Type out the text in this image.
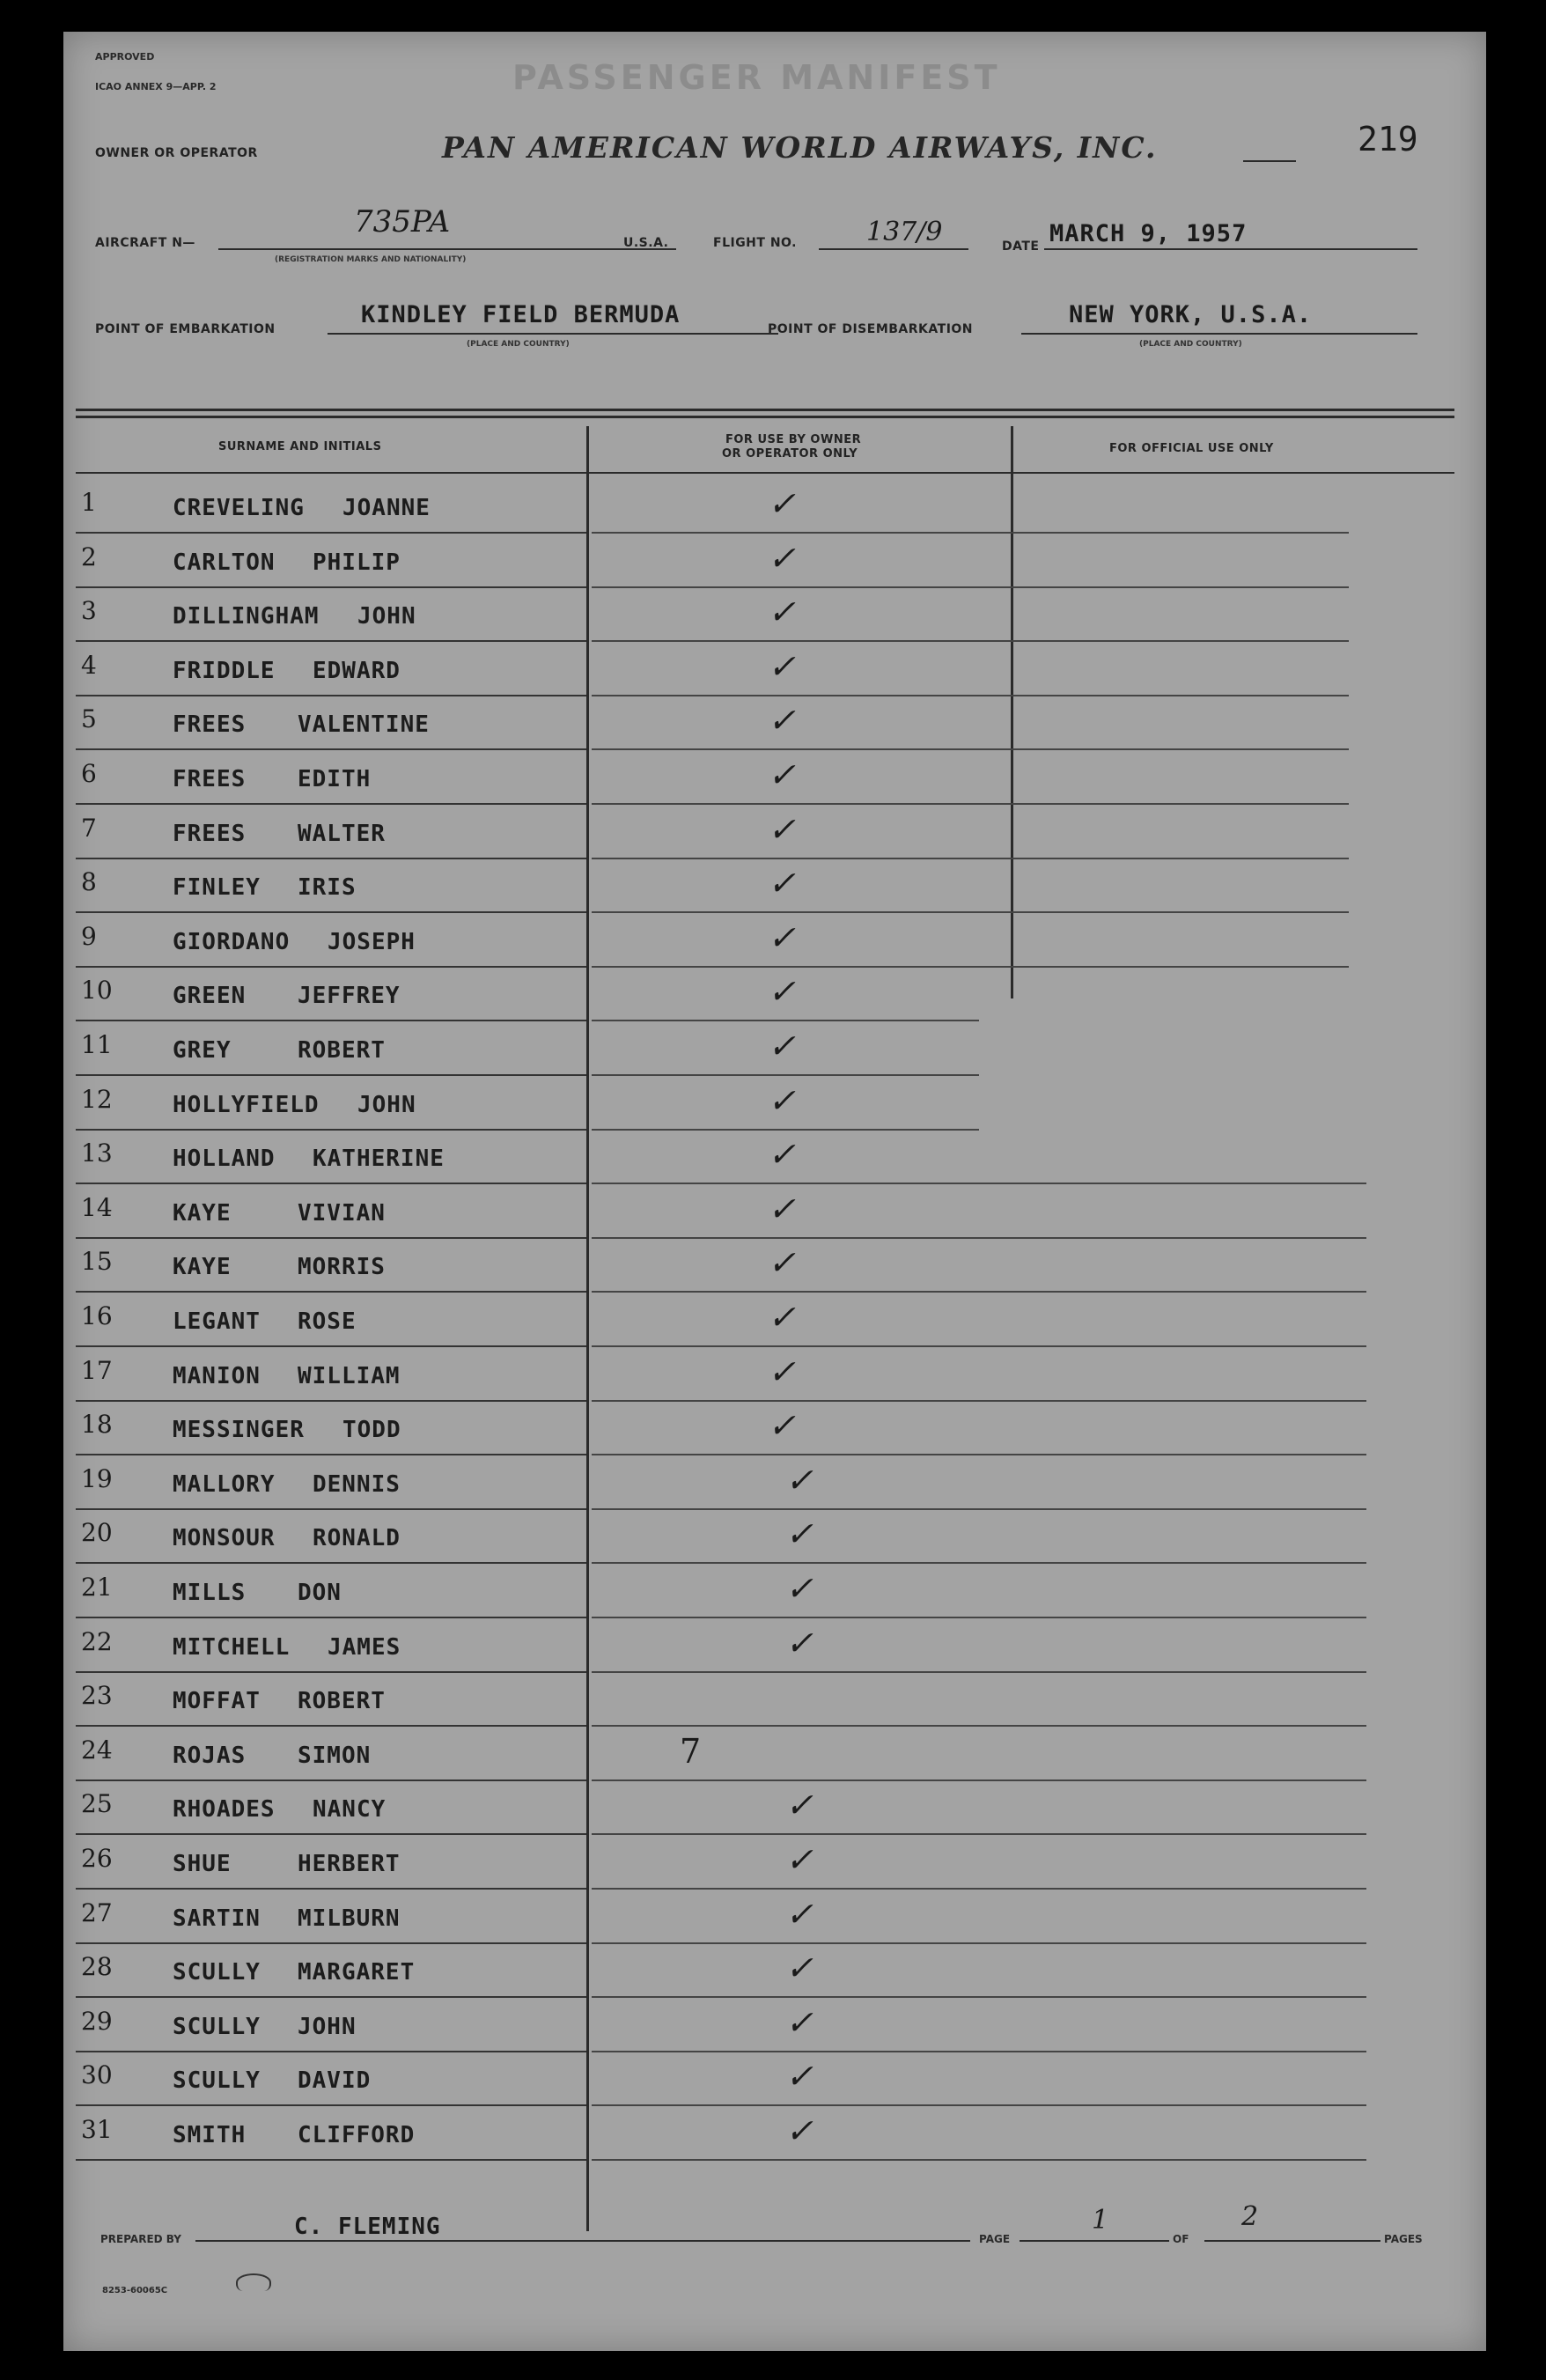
APPROVED
ICAO ANNEX 9—APP. 2	PASSENGER MANIFEST
219
OWNER OR OPERATOR	PAN AMERICAN WORLD AIRWAYS, INC.
AIRCRAFT N—
735PA
(REGISTRATION MARKS AND NATIONALITY)
U.S.A.	FLIGHT NO.	137/9	DATE MARCH 9, 1957
POINT OF EMBARKATION
KINDLEY FIELD BERMUDA
(PLACE AND COUNTRY)
POINT OF DISEMBARKATION
NEW YORK, U.S.A.
(PLACE AND COUNTRY)
SURNAME AND INITIALS
FOR USE BY OWNER
OR OPERATOR ONLY	FOR OFFICIAL USE ONLY
1	CREVELING JOANNE	✓
2	CARLTON PHILIP	✓
3	DILLINGHAM JOHN	✓
4	FRIDDLE EDWARD	✓
5	FREES VALENTINE	✓
6	FREES EDITH	✓
7	FREES WALTER	✓
8	FINLEY IRIS	✓
9	GIORDANO JOSEPH	✓
10	GREEN JEFFREY	✓
11	GREY	ROBERT	✓
12	HOLLYFIELD JOHN	✓
13	HOLLAND KATHERINE	✓
14	KAYE	VIVIAN	✓
15	KAYE	MORRIS	✓
16	LEGANT ROSE	✓
17	MANION WILLIAM	✓
18	MESSINGER TODD	✓
19	MALLORY DENNIS	✓
20	MONSOUR RONALD	✓
21	MILLS DON	✓
22	MITCHELL JAMES	✓
23	MOFFAT ROBERT
24	ROJAS SIMON	7
25	RHOADES NANCY	✓
26	SHUE	HERBERT	✓
27	SARTIN MILBURN	✓
28	SCULLY MARGARET	✓
29	SCULLY JOHN	✓
30	SCULLY DAVID	✓
31	SMITH CLIFFORD	✓
PREPARED BY	C. FLEMING	PAGE
1
OF
2
PAGES
8253-60065C
